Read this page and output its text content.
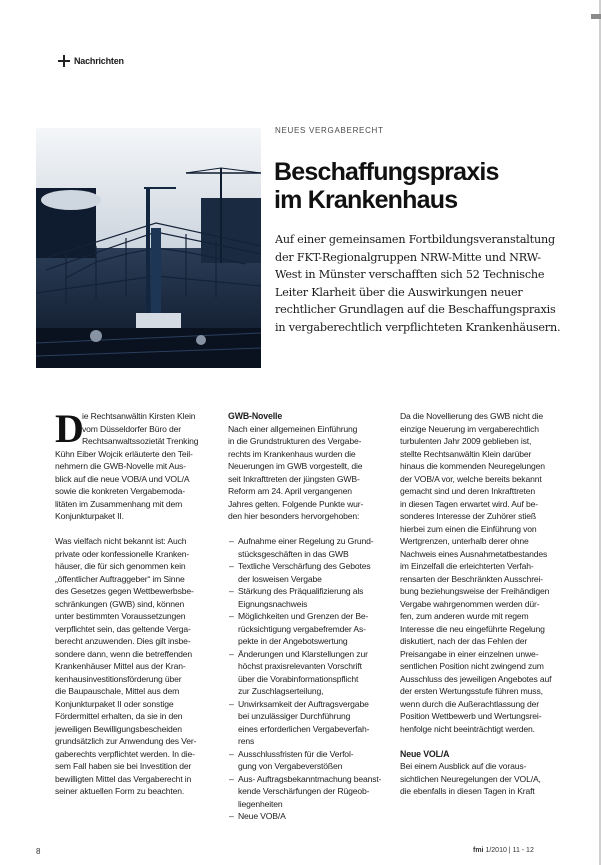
Nachrichten
NEUES VERGABERECHT
Beschaffungspraxis
im Krankenhaus

Auf einer gemeinsamen Fortbildungsveranstaltung
der FKT-Regionalgruppen NRW-Mitte und NRW-
West in Münster verschafften sich 52 Technische
Leiter Klarheit über die Auswirkungen neuer
rechtlicher Grundlagen auf die Beschaffungspraxis
in vergaberechtlich verpflichteten Krankenhäusern.

D
ie Rechtsanwältin Kirsten Klein
vom Düsseldorfer Büro der
Rechtsanwaltssozietät Trenking
Kühn Eiber Wojcik erläuterte den Teil-
nehmern die GWB-Novelle mit Aus-
blick auf die neue VOB/A und VOL/A
sowie die konkreten Vergabemoda-
litäten im Zusammenhang mit dem
Konjunkturpaket II.
Was vielfach nicht bekannt ist: Auch
private oder konfessionelle Kranken-
häuser, die für sich genommen kein
„öffentlicher Auftraggeber“ im Sinne
des Gesetzes gegen Wettbewerbsbe-
schränkungen (GWB) sind, können
unter bestimmten Voraussetzungen
verpflichtet sein, das geltende Verga-
berecht anzuwenden. Dies gilt insbe-
sondere dann, wenn die betreffenden
Krankenhäuser Mittel aus der Kran-
kenhausinvestitionsförderung über
die Baupauschale, Mittel aus dem
Konjunkturpaket II oder sonstige
Fördermittel erhalten, da sie in den
jeweiligen Bewilligungsbescheiden
grundsätzlich zur Anwendung des Ver-
gaberechts verpflichtet werden. In die-
sem Fall haben sie bei Investition der
bewilligten Mittel das Vergaberecht in
seiner aktuellen Form zu beachten.
GWB-Novelle
Nach einer allgemeinen Einführung
in die Grundstrukturen des Vergabe-
rechts im Krankenhaus wurden die
Neuerungen im GWB vorgestellt, die
seit Inkrafttreten der jüngsten GWB-
Reform am 24. April vergangenen
Jahres gelten. Folgende Punkte wur-
den hier besonders hervorgehoben:
– Aufnahme einer Regelung zu Grund-
stücksgeschäften in das GWB
– Textliche Verschärfung des Gebotes
der losweisen Vergabe
– Stärkung des Präqualifizierung als
Eignungsnachweis
– Möglichkeiten und Grenzen der Be-
rücksichtigung vergabefremder As-
pekte in der Angebotswertung
– Änderungen und Klarstellungen zur
höchst praxisrelevanten Vorschrift
über die Vorabinformationspflicht
zur Zuschlagserteilung,
– Unwirksamkeit der Auftragsvergabe
bei unzulässiger Durchführung
eines erforderlichen Vergabeverfah-
rens
– Ausschlussfristen für die Verfol-
gung von Vergabeverstößen
– Aus- Auftragsbekanntmachung beanst-
kende Verschärfungen der Rügeob-
liegenheiten
– Neue VOB/A
Da die Novellierung des GWB nicht die
einzige Neuerung im vergaberechtlich
turbulenten Jahr 2009 geblieben ist,
stellte Rechtsanwältin Klein darüber
hinaus die kommenden Neuregelungen
der VOB/A vor, welche bereits bekannt
gemacht sind und deren Inkrafttreten
in diesen Tagen erwartet wird. Auf be-
sonderes Interesse der Zuhörer stieß
hierbei zum einen die Einführung von
Wertgrenzen, unterhalb derer ohne
Nachweis eines Ausnahmetatbestandes
im Einzelfall die erleichterten Verfah-
rensarten der Beschränkten Ausschrei-
bung beziehungsweise der Freihändigen
Vergabe wahrgenommen werden dür-
fen, zum anderen wurde mit regem
Interesse die neu eingeführte Regelung
diskutiert, nach der das Fehlen der
Preisangabe in einer einzelnen unwe-
sentlichen Position nicht zwingend zum
Ausschluss des jeweiligen Angebotes auf
der ersten Wertungsstufe führen muss,
wenn durch die Außerachtlassung der
Position Wettbewerb und Wertungsrei-
henfolge nicht beeinträchtigt werden.
Neue VOL/A
Bei einem Ausblick auf die voraus-
sichtlichen Neuregelungen der VOL/A,
die ebenfalls in diesen Tagen in Kraft
8	fmi 1/2010 | 11 - 12
